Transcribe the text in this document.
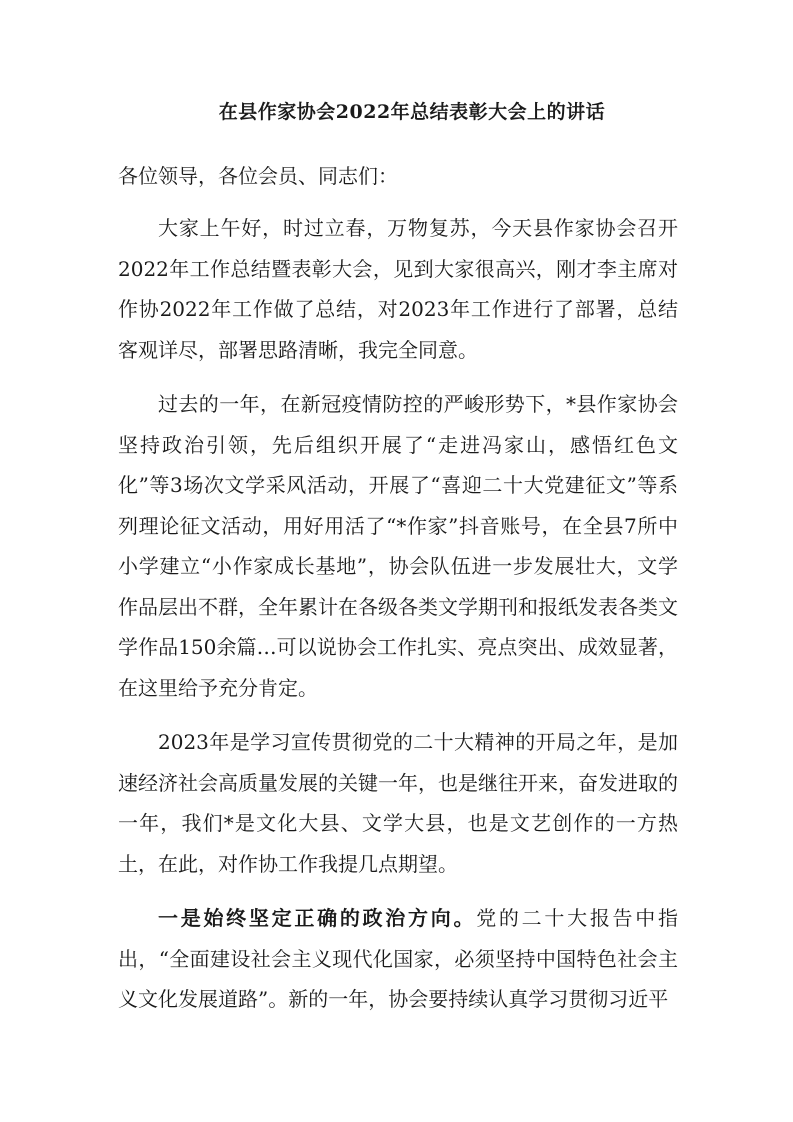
在县作家协会2022年总结表彰大会上的讲话

各位领导，各位会员、同志们：

大家上午好，时过立春，万物复苏，今天县作家协会召开2022年工作总结暨表彰大会，见到大家很高兴，刚才李主席对作协2022年工作做了总结，对2023年工作进行了部署，总结客观详尽，部署思路清晰，我完全同意。

过去的一年，在新冠疫情防控的严峻形势下，*县作家协会坚持政治引领，先后组织开展了“走进冯家山，感悟红色文化”等3场次文学采风活动，开展了“喜迎二十大党建征文”等系列理论征文活动，用好用活了“*作家”抖音账号，在全县7所中小学建立“小作家成长基地”，协会队伍进一步发展壮大，文学作品层出不群，全年累计在各级各类文学期刊和报纸发表各类文学作品150余篇…可以说协会工作扎实、亮点突出、成效显著，在这里给予充分肯定。

2023年是学习宣传贯彻党的二十大精神的开局之年，是加速经济社会高质量发展的关键一年，也是继往开来，奋发进取的一年，我们*是文化大县、文学大县，也是文艺创作的一方热土，在此，对作协工作我提几点期望。

一是始终坚定正确的政治方向。党的二十大报告中指出，“全面建设社会主义现代化国家，必须坚持中国特色社会主义文化发展道路”。新的一年，协会要持续认真学习贯彻习近平
